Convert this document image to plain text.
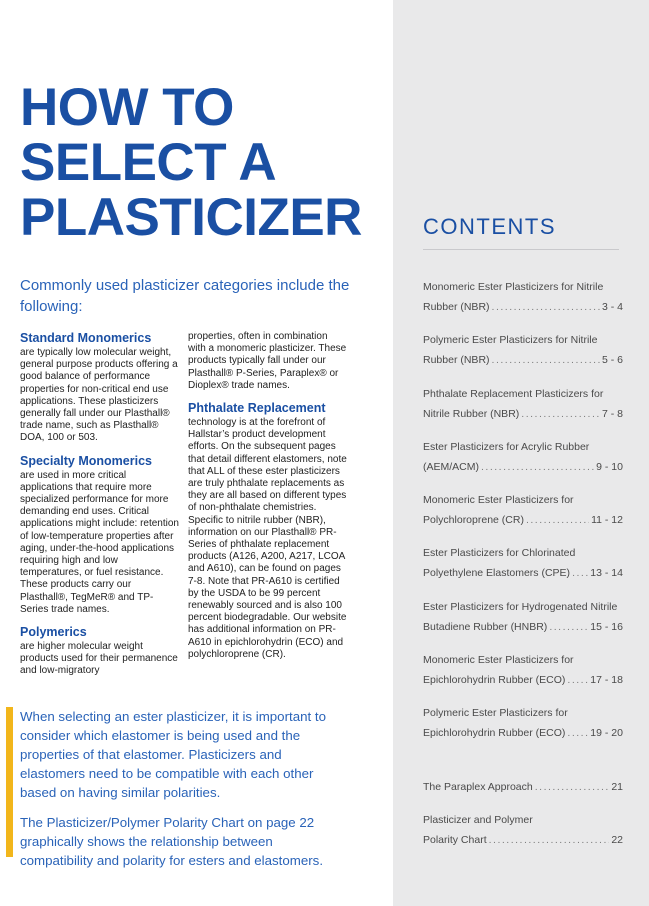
HOW TO
SELECT A
PLASTICIZER
Commonly used plasticizer categories include the following:
Standard Monomerics

are typically low molecular weight, general purpose products offering a good balance of performance properties for non-critical end use applications. These plasticizers generally fall under our Plasthall® trade name, such as Plasthall® DOA, 100 or 503.

Specialty Monomerics

are used in more critical applications that require more specialized performance for more demanding end uses. Critical applications might include: retention of low-temperature properties after aging, under-the-hood applications requiring high and low temperatures, or fuel resistance. These products carry our Plasthall®, TegMeR® and TP-Series trade names.

Polymerics

are higher molecular weight products used for their permanence and low-migratory

properties, often in combination with a monomeric plasticizer. These products typically fall under our Plasthall® P-Series, Paraplex® or Dioplex® trade names.

Phthalate Replacement

technology is at the forefront of Hallstar’s product development efforts. On the subsequent pages that detail different elastomers, note that ALL of these ester plasticizers are truly phthalate replacements as they are all based on different types of non-phthalate chemistries. Specific to nitrile rubber (NBR), information on our Plasthall® PR-Series of phthalate replacement products (A126, A200, A217, LCOA and A610), can be found on pages 7-8. Note that PR-A610 is certified by the USDA to be 99 percent renewably sourced and is also 100 percent biodegradable. Our website has additional information on PR-A610 in epichlorohydrin (ECO) and polychloroprene (CR).

When selecting an ester plasticizer, it is important to consider which elastomer is being used and the properties of that elastomer. Plasticizers and elastomers need to be compatible with each other based on having similar polarities.

The Plasticizer/Polymer Polarity Chart on page 22 graphically shows the relationship between compatibility and polarity for esters and elastomers.

CONTENTS
Monomeric Ester Plasticizers for Nitrile
Rubber (NBR) .....	3 - 4
Polymeric Ester Plasticizers for Nitrile
Rubber (NBR) .....	5 - 6
Phthalate Replacement Plasticizers for
Nitrile Rubber (NBR) .....	7 - 8
Ester Plasticizers for Acrylic Rubber
(AEM/ACM) .....	9 - 10
Monomeric Ester Plasticizers for
Polychloroprene (CR) .....	11 - 12
Ester Plasticizers for Chlorinated
Polyethylene Elastomers (CPE) ..... 13 - 14
Ester Plasticizers for Hydrogenated Nitrile
Butadiene Rubber (HNBR) .....	15 - 16
Monomeric Ester Plasticizers for
Epichlorohydrin Rubber (ECO) ..... 17 - 18
Polymeric Ester Plasticizers for
Epichlorohydrin Rubber (ECO) ..... 19 - 20

The Paraplex Approach .....	21
Plasticizer and Polymer
Polarity Chart .....	22
